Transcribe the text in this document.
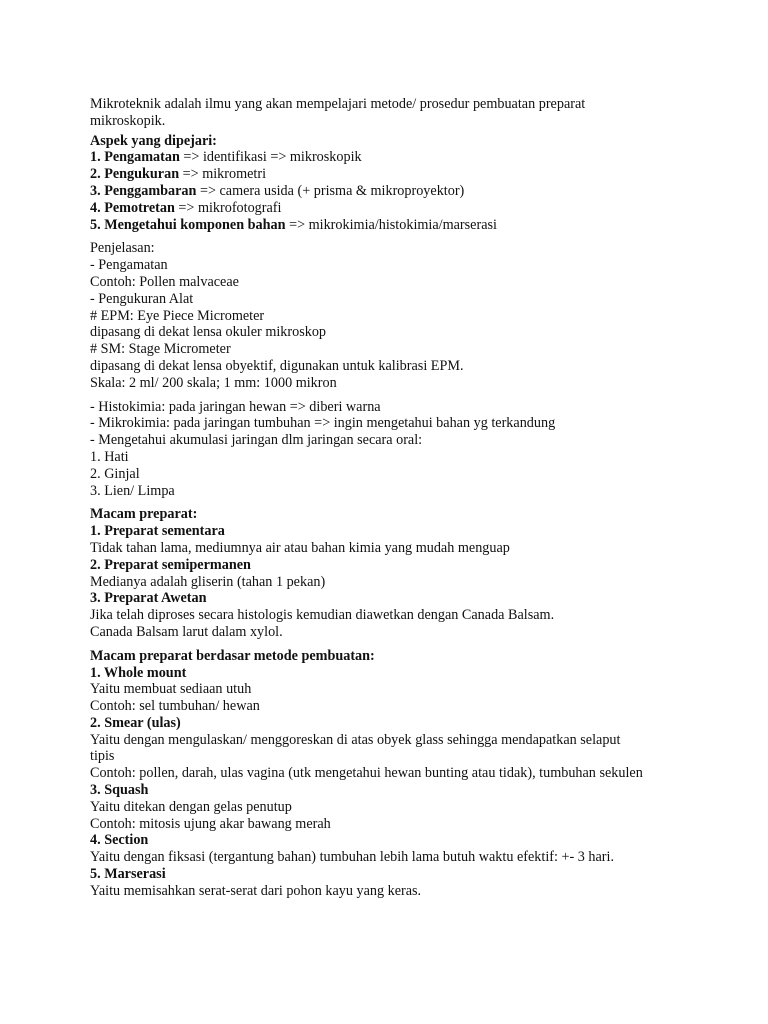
Mikroteknik adalah ilmu yang akan mempelajari metode/ prosedur pembuatan preparat mikroskopik.
Aspek yang dipejari:
1. Pengamatan => identifikasi => mikroskopik
2. Pengukuran => mikrometri
3. Penggambaran => camera usida (+ prisma & mikroproyektor)
4. Pemotretan => mikrofotografi
5. Mengetahui komponen bahan => mikrokimia/histokimia/marserasi
Penjelasan:
- Pengamatan
Contoh: Pollen malvaceae
- Pengukuran Alat
# EPM: Eye Piece Micrometer
dipasang di dekat lensa okuler mikroskop
# SM: Stage Micrometer
dipasang di dekat lensa obyektif, digunakan untuk kalibrasi EPM.
Skala: 2 ml/ 200 skala; 1 mm: 1000 mikron
- Histokimia: pada jaringan hewan => diberi warna
- Mikrokimia: pada jaringan tumbuhan => ingin mengetahui bahan yg terkandung
- Mengetahui akumulasi jaringan dlm jaringan secara oral:
1. Hati
2. Ginjal
3. Lien/ Limpa
Macam preparat:
1. Preparat sementara
Tidak tahan lama, mediumnya air atau bahan kimia yang mudah menguap
2. Preparat semipermanen
Medianya adalah gliserin (tahan 1 pekan)
3. Preparat Awetan
Jika telah diproses secara histologis kemudian diawetkan dengan Canada Balsam.
Canada Balsam larut dalam xylol.
Macam preparat berdasar metode pembuatan:
1. Whole mount
Yaitu membuat sediaan utuh
Contoh: sel tumbuhan/ hewan
2. Smear (ulas)
Yaitu dengan mengulaskan/ menggoreskan di atas obyek glass sehingga mendapatkan selaput
tipis
Contoh: pollen, darah, ulas vagina (utk mengetahui hewan bunting atau tidak), tumbuhan sekulen
3. Squash
Yaitu ditekan dengan gelas penutup
Contoh: mitosis ujung akar bawang merah
4. Section
Yaitu dengan fiksasi (tergantung bahan) tumbuhan lebih lama butuh waktu efektif: +- 3 hari.
5. Marserasi
Yaitu memisahkan serat-serat dari pohon kayu yang keras.
